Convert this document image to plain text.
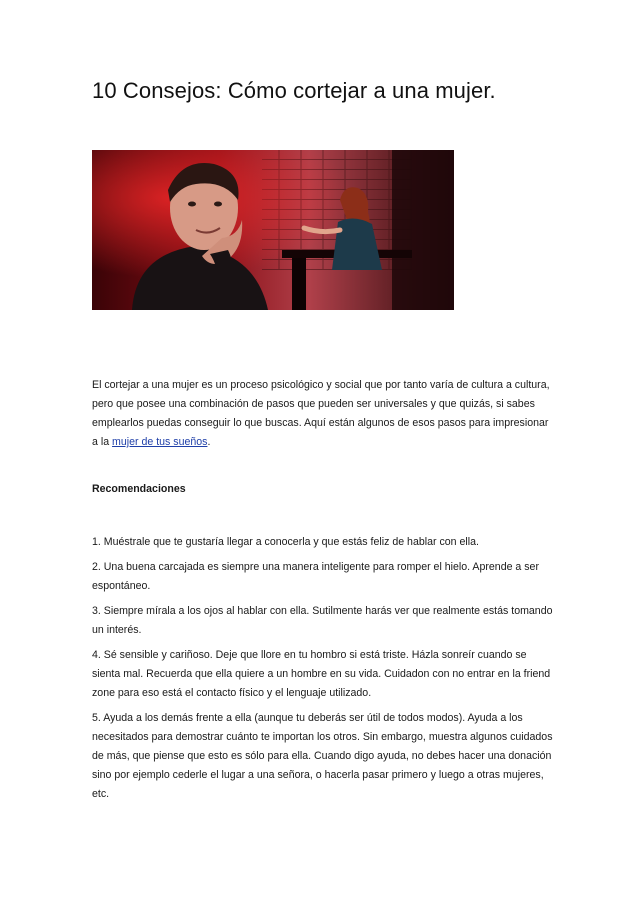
10 Consejos: Cómo cortejar a una mujer.

El cortejar a una mujer es un proceso psicológico y social que por tanto varía de cultura a cultura, pero que posee una combinación de pasos que pueden ser universales y que quizás, si sabes emplearlos puedas conseguir lo que buscas. Aquí están algunos de esos pasos para impresionar a la mujer de tus sueños.

Recomendaciones
1. Muéstrale que te gustaría llegar a conocerla y que estás feliz de hablar con ella.
2. Una buena carcajada es siempre una manera inteligente para romper el hielo. Aprende a ser espontáneo.
3. Siempre mírala a los ojos al hablar con ella. Sutilmente harás ver que realmente estás tomando un interés.
4. Sé sensible y cariñoso. Deje que llore en tu hombro si está triste. Házla sonreír cuando se sienta mal. Recuerda que ella quiere a un hombre en su vida. Cuidadon con no entrar en la friend zone para eso está el contacto físico y el lenguaje utilizado.
5. Ayuda a los demás frente a ella (aunque tu deberás ser útil de todos modos). Ayuda a los necesitados para demostrar cuánto te importan los otros. Sin embargo, muestra algunos cuidados de más, que piense que esto es sólo para ella. Cuando digo ayuda, no debes hacer una donación sino por ejemplo cederle el lugar a una señora, o hacerla pasar primero y luego a otras mujeres, etc.
